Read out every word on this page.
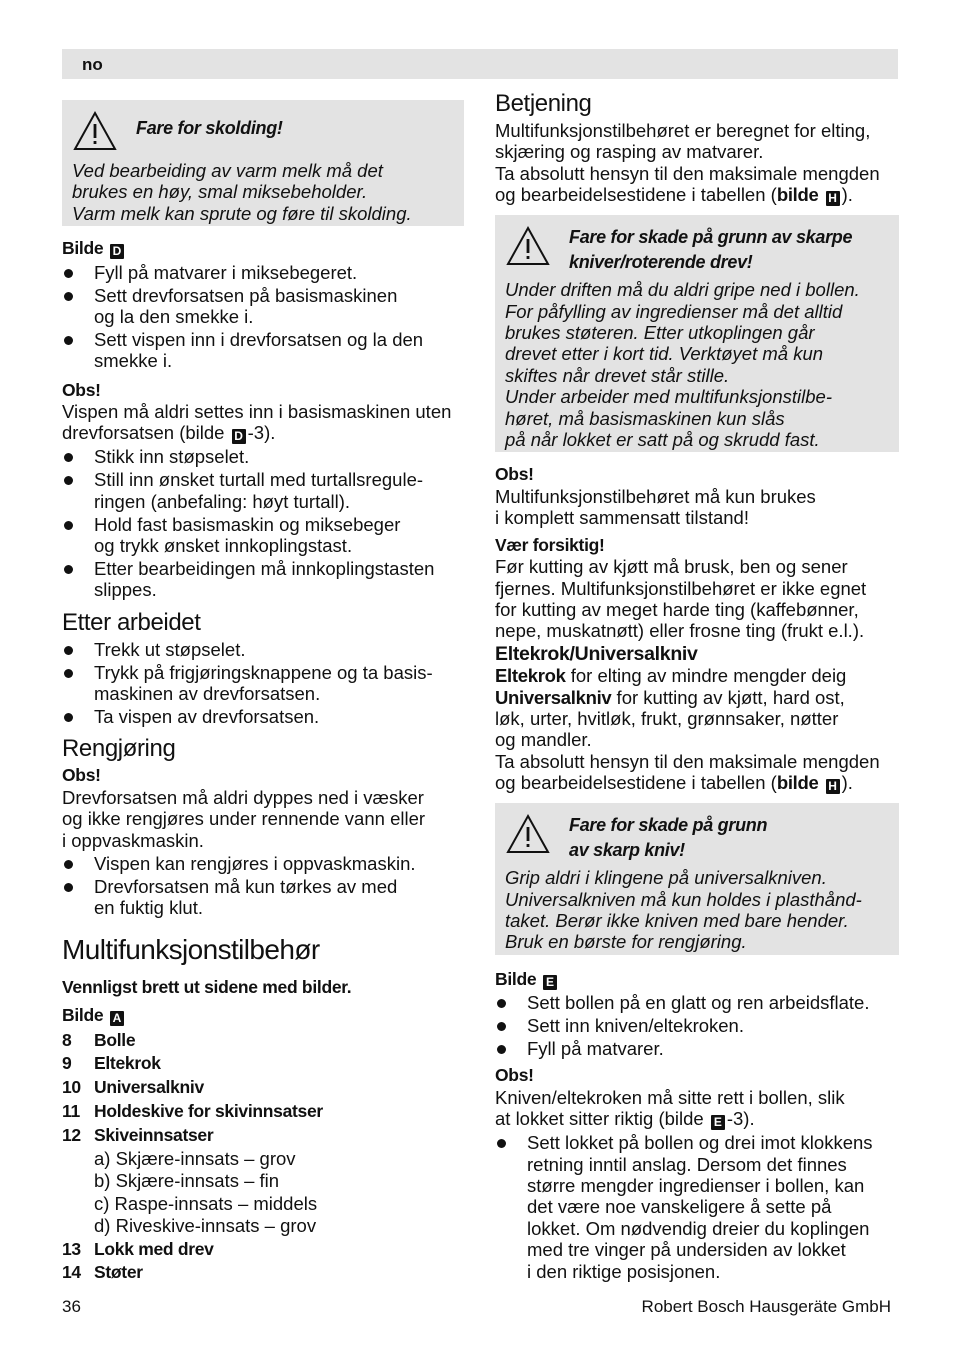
no
Fare for skolding!

Ved bearbeiding av varm melk må det

brukes en høy, smal miksebeholder.

Varm melk kan sprute og føre til skolding.

Bilde D
Fyll på matvarer i miksebegeret.
Sett drevforsatsen på basismaskinen
og la den smekke i.
Sett vispen inn i drevforsatsen og la den
smekke i.
Obs!

Vispen må aldri settes inn i basismaskinen uten

drevforsatsen (bilde D -3).

Stikk inn støpselet.
Still inn ønsket turtall med turtallsregule-
ringen (anbefaling: høyt turtall).
Hold fast basismaskin og miksebeger
og trykk ønsket innkoplingstast.
Etter bearbeidingen må innkoplingstasten
slippes.
Etter arbeidet
Trekk ut støpselet.
Trykk på frigjøringsknappene og ta basis-
maskinen av drevforsatsen.
Ta vispen av drevforsatsen.
Rengjøring
Obs!

Drevforsatsen må aldri dyppes ned i væsker

og ikke rengjøres under rennende vann eller

i oppvaskmaskin.

Vispen kan rengjøres i oppvaskmaskin.
Drevforsatsen må kun tørkes av med
en fuktig klut.
Multifunksjonstilbehør
Vennligst brett ut sidene med bilder.
Bilde A
8	Bolle
9	Eltekrok
10 Universalkniv
11 Holdeskive for skivinnsatser
12 Skiveinnsatser
a) Skjære-innsats – grov
b) Skjære-innsats – fin
c) Raspe-innsats – middels
d) Riveskive-innsats – grov
13 Lokk med drev
14 Støter
Betjening

Multifunksjonstilbehøret er beregnet for elting,

skjæring og rasping av matvarer.

Ta absolutt hensyn til den maksimale mengden

og bearbeidelsestidene i tabellen (bilde H ).

Fare for skade på grunn av skarpe
kniver/roterende drev!

Under driften må du aldri gripe ned i bollen.

For påfylling av ingredienser må det alltid

brukes støteren. Etter utkoplingen går

drevet etter i kort tid. Verktøyet må kun

skiftes når drevet står stille.

Under arbeider med multifunksjonstilbe-

høret, må basismaskinen kun slås

på når lokket er satt på og skrudd fast.

Obs!

Multifunksjonstilbehøret må kun brukes

i komplett sammensatt tilstand!

Vær forsiktig!

Før kutting av kjøtt må brusk, ben og sener

fjernes. Multifunksjonstilbehøret er ikke egnet

for kutting av meget harde ting (kaffebønner,

nepe, muskatnøtt) eller frosne ting (frukt e.l.).

Eltekrok/Universalkniv

Eltekrok for elting av mindre mengder deig

Universalkniv for kutting av kjøtt, hard ost,

løk, urter, hvitløk, frukt, grønnsaker, nøtter

og mandler.

Ta absolutt hensyn til den maksimale mengden

og bearbeidelsestidene i tabellen (bilde H ).

Fare for skade på grunn
av skarp kniv!

Grip aldri i klingene på universalkniven.

Universalkniven må kun holdes i plasthånd-

taket. Berør ikke kniven med bare hender.

Bruk en børste for rengjøring.

Bilde E
Sett bollen på en glatt og ren arbeidsflate.
Sett inn kniven/eltekroken.
Fyll på matvarer.
Obs!

Kniven/eltekroken må sitte rett i bollen, slik

at lokket sitter riktig (bilde E -3).

Sett lokket på bollen og drei imot klokkens
retning inntil anslag. Dersom det finnes
større mengder ingredienser i bollen, kan
det være noe vanskeligere å sette på
lokket. Om nødvendig dreier du koplingen
med tre vinger på undersiden av lokket
i den riktige posisjonen.
36	Robert Bosch Hausgeräte GmbH
